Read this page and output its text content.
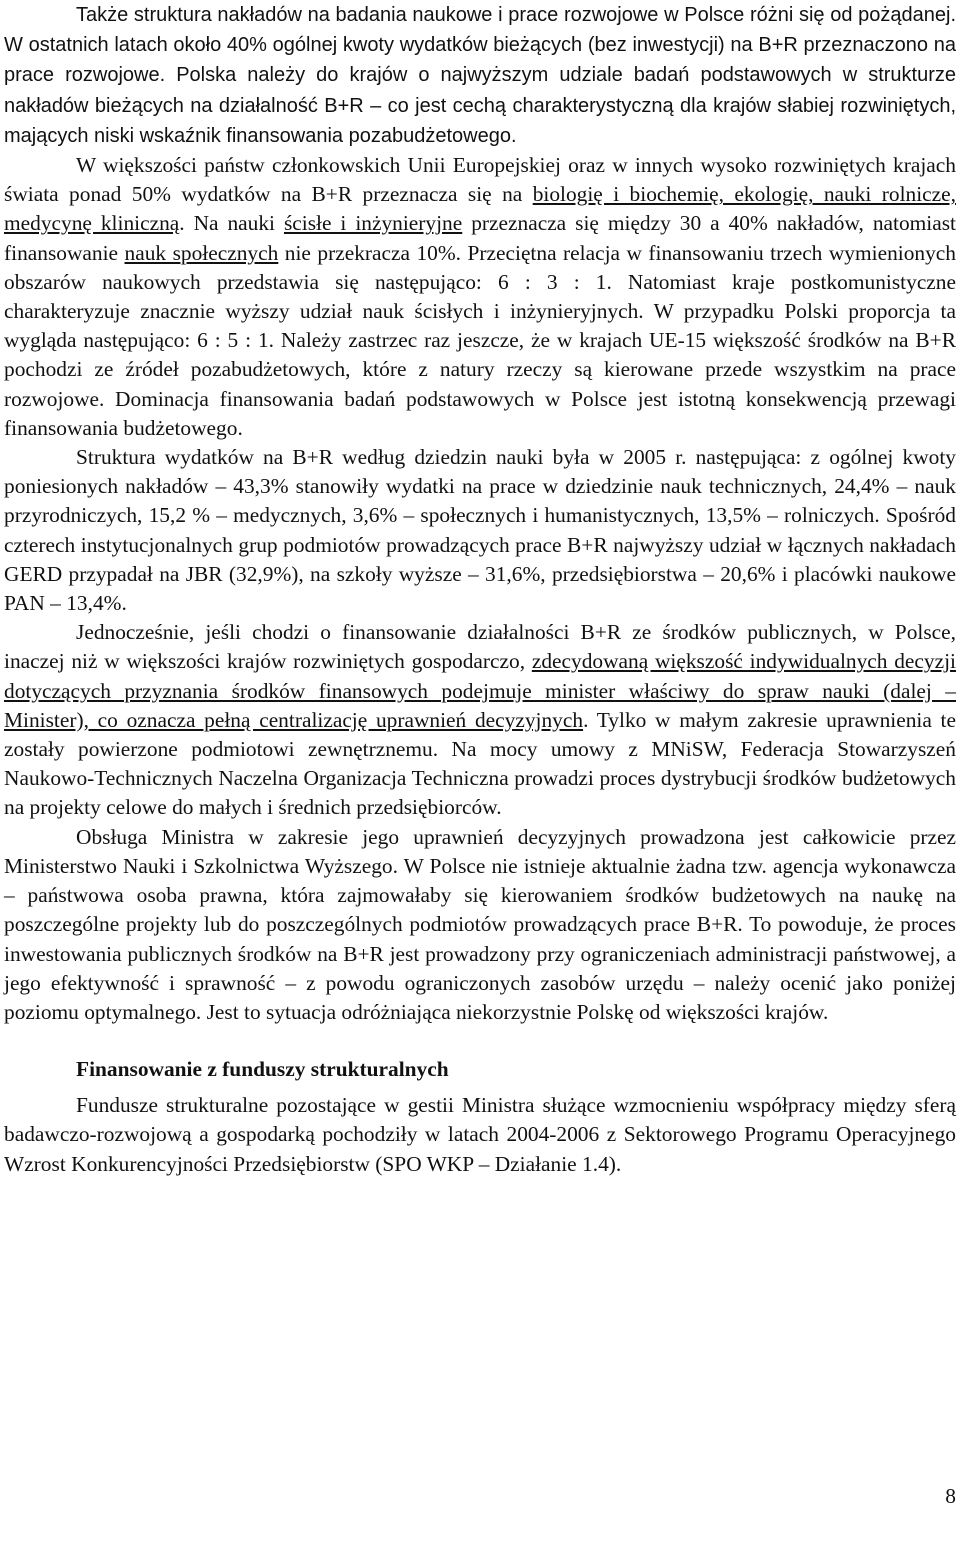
Także struktura nakładów na badania naukowe i prace rozwojowe w Polsce różni się od pożądanej. W ostatnich latach około 40% ogólnej kwoty wydatków bieżących (bez inwestycji) na B+R przeznaczono na prace rozwojowe. Polska należy do krajów o najwyższym udziale badań podstawowych w strukturze nakładów bieżących na działalność B+R – co jest cechą charakterystyczną dla krajów słabiej rozwiniętych, mających niski wskaźnik finansowania pozabudżetowego.

W większości państw członkowskich Unii Europejskiej oraz w innych wysoko rozwiniętych krajach świata ponad 50% wydatków na B+R przeznacza się na biologię i biochemię, ekologię, nauki rolnicze, medycynę kliniczną. Na nauki ścisłe i inżynieryjne przeznacza się między 30 a 40% nakładów, natomiast finansowanie nauk społecznych nie przekracza 10%. Przeciętna relacja w finansowaniu trzech wymienionych obszarów naukowych przedstawia się następująco: 6 : 3 : 1. Natomiast kraje postkomunistyczne charakteryzuje znacznie wyższy udział nauk ścisłych i inżynieryjnych. W przypadku Polski proporcja ta wygląda następująco: 6 : 5 : 1. Należy zastrzec raz jeszcze, że w krajach UE-15 większość środków na B+R pochodzi ze źródeł pozabudżetowych, które z natury rzeczy są kierowane przede wszystkim na prace rozwojowe. Dominacja finansowania badań podstawowych w Polsce jest istotną konsekwencją przewagi finansowania budżetowego.

Struktura wydatków na B+R według dziedzin nauki była w 2005 r. następująca: z ogólnej kwoty poniesionych nakładów – 43,3% stanowiły wydatki na prace w dziedzinie nauk technicznych, 24,4% – nauk przyrodniczych, 15,2 % – medycznych, 3,6% – społecznych i humanistycznych, 13,5% – rolniczych. Spośród czterech instytucjonalnych grup podmiotów prowadzących prace B+R najwyższy udział w łącznych nakładach GERD przypadał na JBR (32,9%), na szkoły wyższe – 31,6%, przedsiębiorstwa – 20,6% i placówki naukowe PAN – 13,4%.

Jednocześnie, jeśli chodzi o finansowanie działalności B+R ze środków publicznych, w Polsce, inaczej niż w większości krajów rozwiniętych gospodarczo, zdecydowaną większość indywidualnych decyzji dotyczących przyznania środków finansowych podejmuje minister właściwy do spraw nauki (dalej – Minister), co oznacza pełną centralizację uprawnień decyzyjnych. Tylko w małym zakresie uprawnienia te zostały powierzone podmiotowi zewnętrznemu. Na mocy umowy z MNiSW, Federacja Stowarzyszeń Naukowo-Technicznych Naczelna Organizacja Techniczna prowadzi proces dystrybucji środków budżetowych na projekty celowe do małych i średnich przedsiębiorców.

Obsługa Ministra w zakresie jego uprawnień decyzyjnych prowadzona jest całkowicie przez Ministerstwo Nauki i Szkolnictwa Wyższego. W Polsce nie istnieje aktualnie żadna tzw. agencja wykonawcza – państwowa osoba prawna, która zajmowałaby się kierowaniem środków budżetowych na naukę na poszczególne projekty lub do poszczególnych podmiotów prowadzących prace B+R. To powoduje, że proces inwestowania publicznych środków na B+R jest prowadzony przy ograniczeniach administracji państwowej, a jego efektywność i sprawność – z powodu ograniczonych zasobów urzędu – należy ocenić jako poniżej poziomu optymalnego. Jest to sytuacja odróżniająca niekorzystnie Polskę od większości krajów.

Finansowanie z funduszy strukturalnych

Fundusze strukturalne pozostające w gestii Ministra służące wzmocnieniu współpracy między sferą badawczo-rozwojową a gospodarką pochodziły w latach 2004-2006 z Sektorowego Programu Operacyjnego Wzrost Konkurencyjności Przedsiębiorstw (SPO WKP – Działanie 1.4).

8
